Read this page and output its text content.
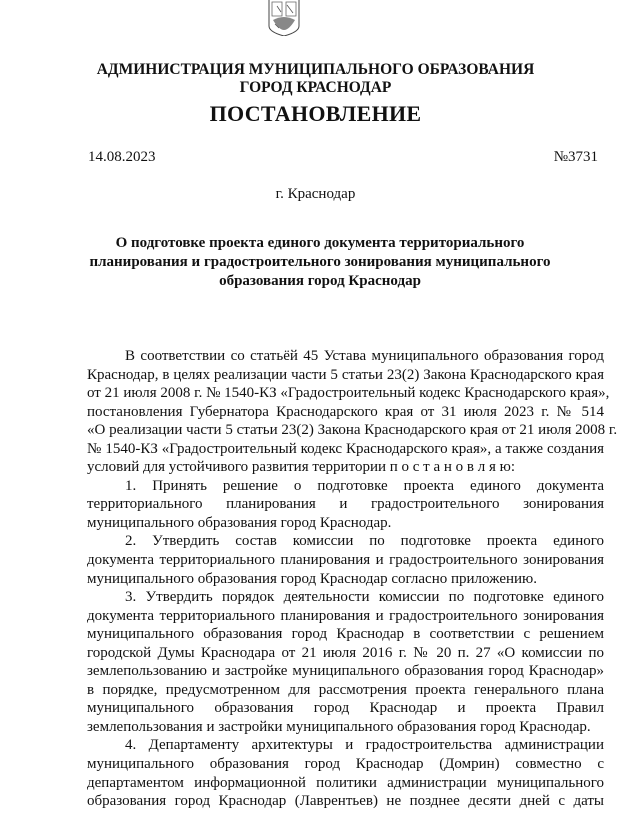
АДМИНИСТРАЦИЯ МУНИЦИПАЛЬНОГО ОБРАЗОВАНИЯ
ГОРОД КРАСНОДАР
ПОСТАНОВЛЕНИЕ
14.08.2023	№3731
г. Краснодар
О подготовке проекта единого документа территориального
планирования и градостроительного зонирования муниципального
образования город Краснодар
В соответствии со статьёй 45 Устава муниципального образования город
Краснодар, в целях реализации части 5 статьи 23(2) Закона Краснодарского края
от 21 июля 2008 г. № 1540-КЗ «Градостроительный кодекс Краснодарского края»,
постановления Губернатора Краснодарского края от 31 июля 2023 г. № 514
«О реализации части 5 статьи 23(2) Закона Краснодарского края от 21 июля 2008 г.
№ 1540-КЗ «Градостроительный кодекс Краснодарского края», а также создания
условий для устойчивого развития территории п о с т а н о в л я ю:
1. Принять решение о подготовке проекта единого документа
территориального планирования и градостроительного зонирования
муниципального образования город Краснодар.
2. Утвердить состав комиссии по подготовке проекта единого
документа территориального планирования и градостроительного зонирования
муниципального образования город Краснодар согласно приложению.
3. Утвердить порядок деятельности комиссии по подготовке единого
документа территориального планирования и градостроительного зонирования
муниципального образования город Краснодар в соответствии с решением
городской Думы Краснодара от 21 июля 2016 г. № 20 п. 27 «О комиссии по
землепользованию и застройке муниципального образования город Краснодар»
в порядке, предусмотренном для рассмотрения проекта генерального плана
муниципального образования город Краснодар и проекта Правил
землепользования и застройки муниципального образования город Краснодар.
4. Департаменту архитектуры и градостроительства администрации
муниципального образования город Краснодар (Домрин) совместно с
департаментом информационной политики администрации муниципального
образования город Краснодар (Лаврентьев) не позднее десяти дней с даты
